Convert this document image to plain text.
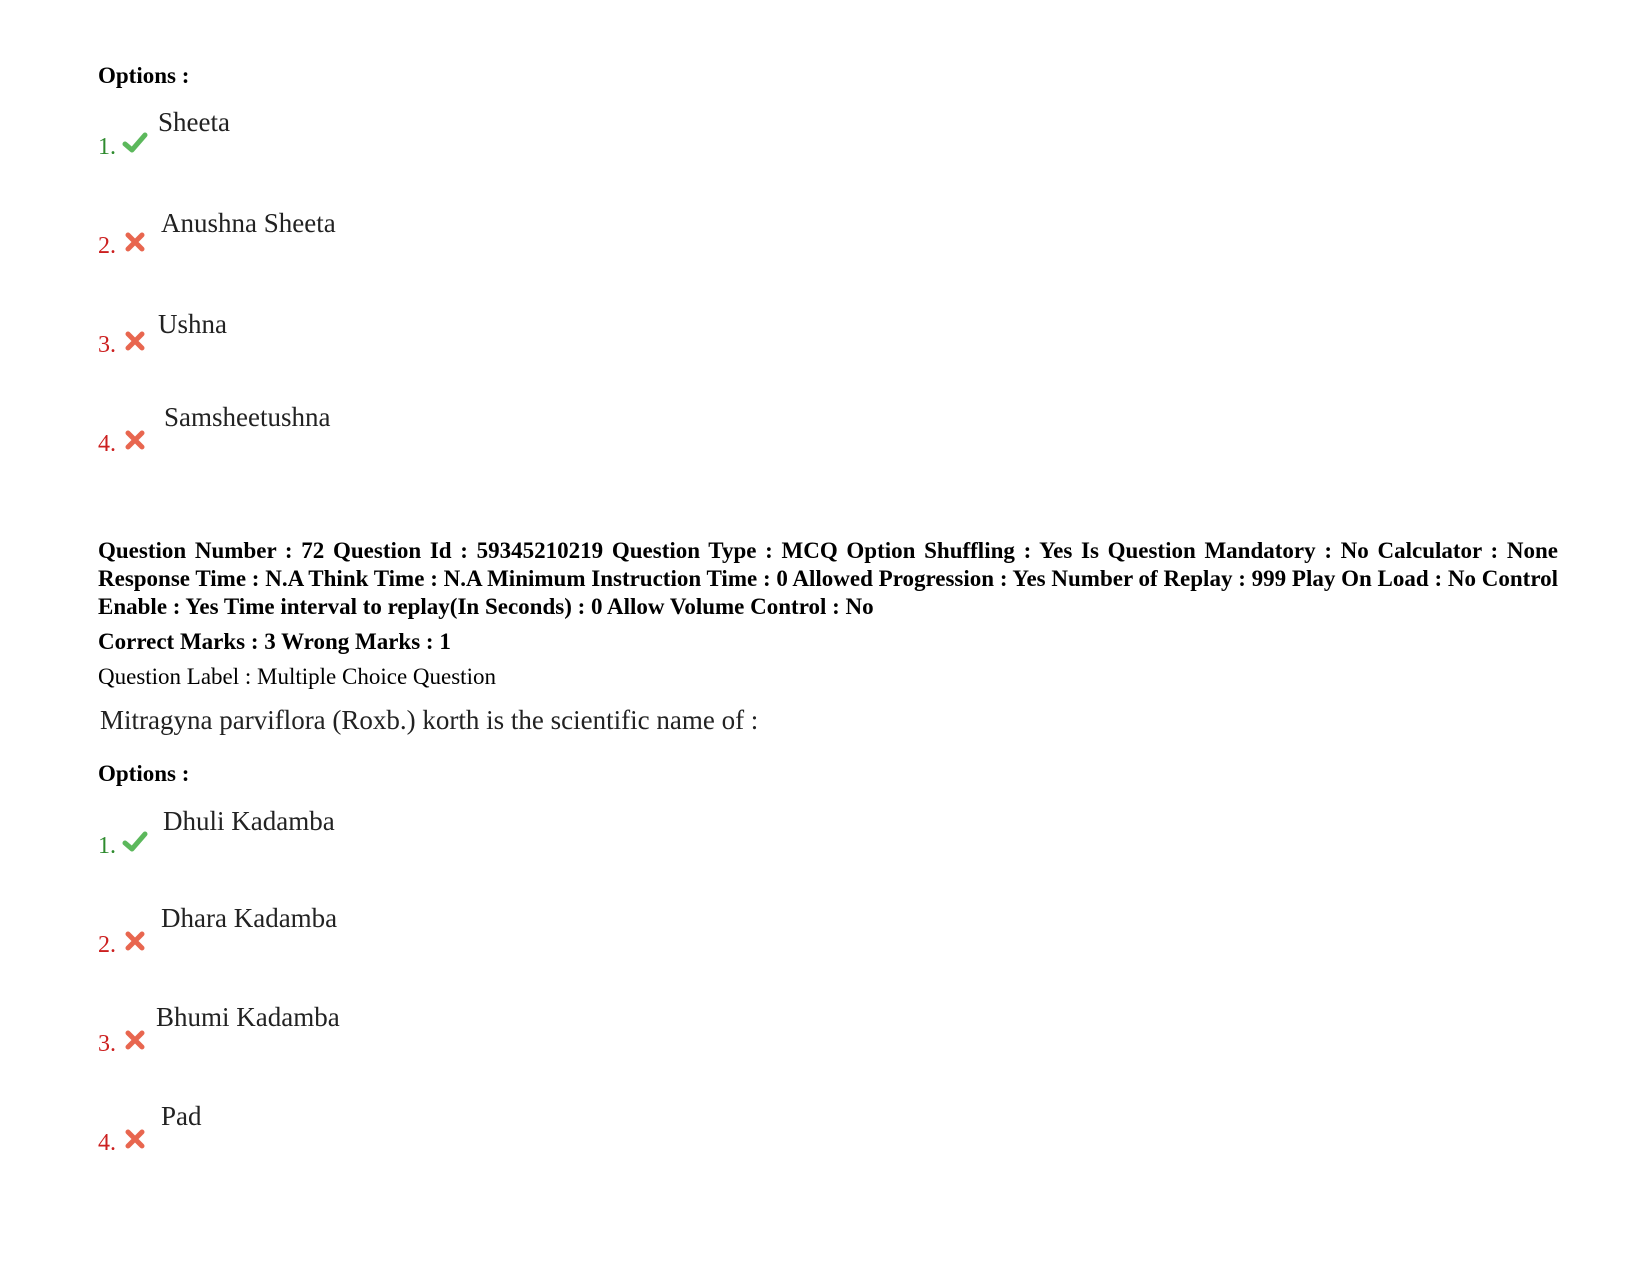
Options :
1.
Sheeta
2.
Anushna Sheeta
3.
Ushna
4.
Samsheetushna
Question Number : 72 Question Id : 59345210219 Question Type : MCQ Option Shuffling : Yes Is Question Mandatory : No Calculator : None Response Time : N.A Think Time : N.A Minimum Instruction Time : 0 Allowed Progression : Yes Number of Replay : 999 Play On Load : No Control Enable : Yes Time interval to replay(In Seconds) : 0 Allow Volume Control : No
Correct Marks : 3 Wrong Marks : 1
Question Label : Multiple Choice Question
Mitragyna parviflora (Roxb.) korth is the scientific name of :
Options :
1.
Dhuli Kadamba
2.
Dhara Kadamba
3.
Bhumi Kadamba
4.
Pad
